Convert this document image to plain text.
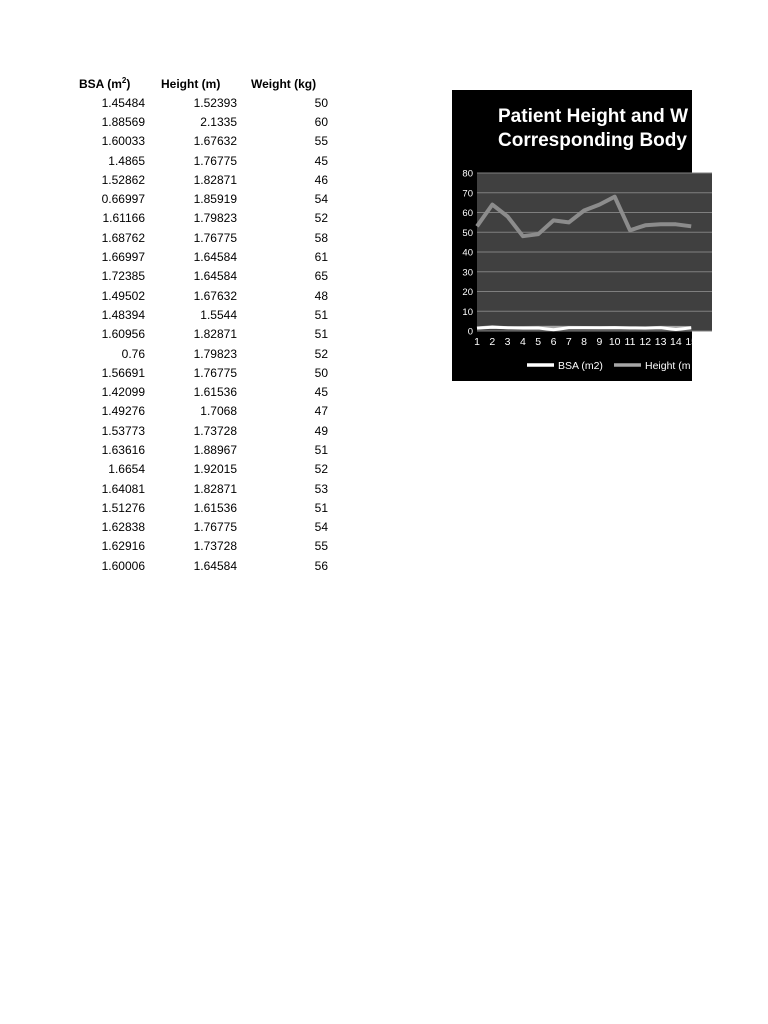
BSA $(m^2)$	Height (m)	Weight (kg)
1.45484	1.52393	50
1.88569	2.1335	60
1.60033	1.67632	55
1.4865	1.76775	45
1.52862	1.82871	46
0.66997	1.85919	54
1.61166	1.79823	52
1.68762	1.76775	58
1.66997	1.64584	61
1.72385	1.64584	65
1.49502	1.67632	48
1.48394	1.5544	51
1.60956	1.82871	51
0.76	1.79823	52
1.56691	1.76775	50
1.42099	1.61536	45
1.49276	1.7068	47
1.53773	1.73728	49
1.63616	1.88967	51
1.6654	1.92015	52
1.64081	1.82871	53
1.51276	1.61536	51
1.62838	1.76775	54
1.62916	1.73728	55
1.60006	1.64584	56
Patient Height and W
Corresponding Body
0
10
20
30
40
50
60
70
80
1 2 3 4 5 6 7 8 9 10 11 12 13 14 15
BSA (m2)	Height (m
